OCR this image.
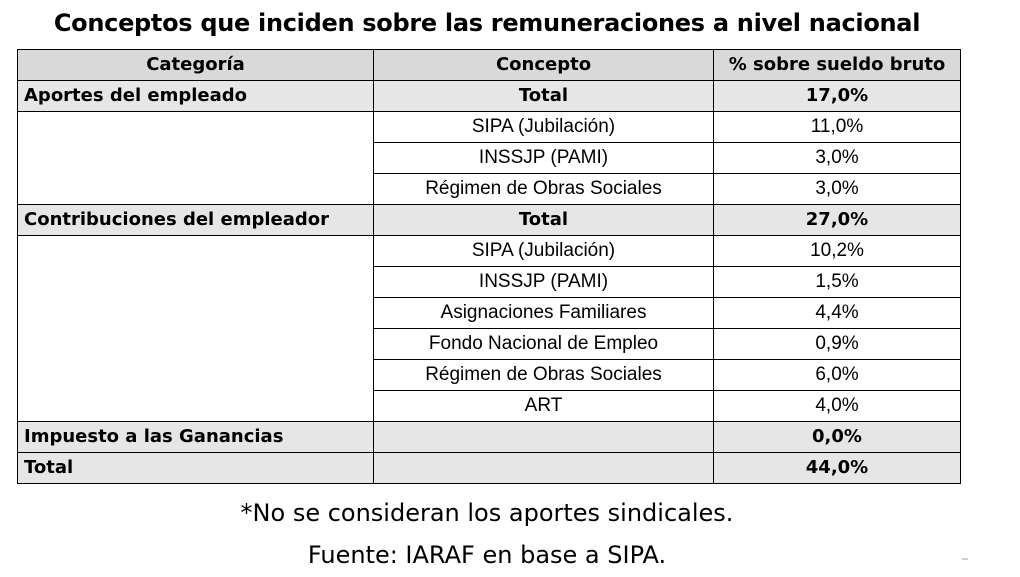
Conceptos que inciden sobre las remuneraciones a nivel nacional
Categoría	Concepto	% sobre sueldo bruto
Aportes del empleado	Total	17,0%
	SIPA (Jubilación)	11,0%
	INSSJP (PAMI)	3,0%
	Régimen de Obras Sociales	3,0%
Contribuciones del empleador	Total	27,0%
	SIPA (Jubilación)	10,2%
	INSSJP (PAMI)	1,5%
	Asignaciones Familiares	4,4%
	Fondo Nacional de Empleo	0,9%
	Régimen de Obras Sociales	6,0%
	ART	4,0%
Impuesto a las Ganancias		0,0%
Total		44,0%
*No se consideran los aportes sindicales.
Fuente: IARAF en base a SIPA.
